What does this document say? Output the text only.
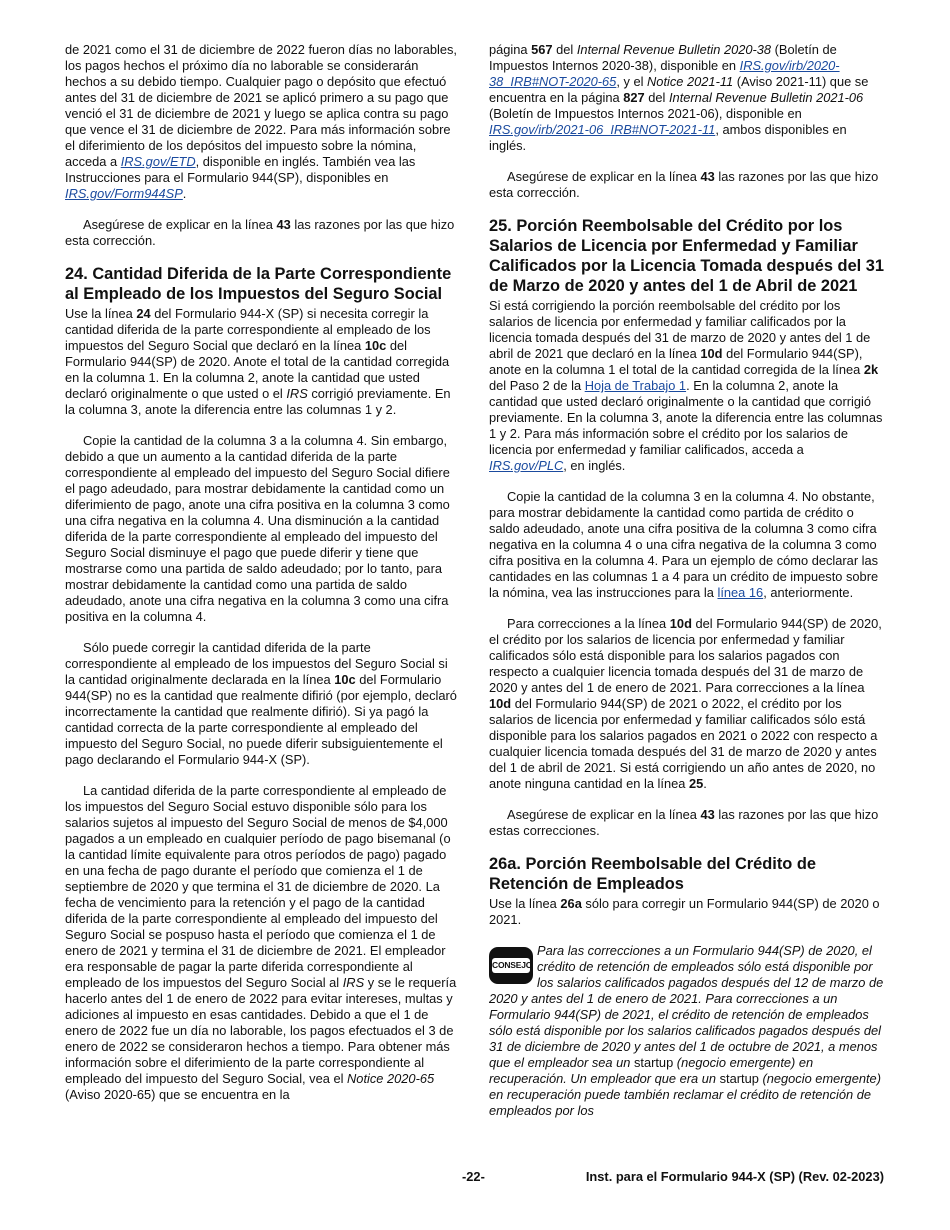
de 2021 como el 31 de diciembre de 2022 fueron días no laborables, los pagos hechos el próximo día no laborable se considerarán hechos a su debido tiempo. Cualquier pago o depósito que efectuó antes del 31 de diciembre de 2021 se aplicó primero a su pago que venció el 31 de diciembre de 2021 y luego se aplica contra su pago que vence el 31 de diciembre de 2022. Para más información sobre el diferimiento de los depósitos del impuesto sobre la nómina, acceda a IRS.gov/ETD, disponible en inglés. También vea las Instrucciones para el Formulario 944(SP), disponibles en IRS.gov/Form944SP.

Asegúrese de explicar en la línea 43 las razones por las que hizo esta corrección.

24. Cantidad Diferida de la Parte Correspondiente al Empleado de los Impuestos del Seguro Social

Use la línea 24 del Formulario 944-X (SP) si necesita corregir la cantidad diferida de la parte correspondiente al empleado de los impuestos del Seguro Social que declaró en la línea 10c del Formulario 944(SP) de 2020. Anote el total de la cantidad corregida en la columna 1. En la columna 2, anote la cantidad que usted declaró originalmente o que usted o el IRS corrigió previamente. En la columna 3, anote la diferencia entre las columnas 1 y 2.

Copie la cantidad de la columna 3 a la columna 4. Sin embargo, debido a que un aumento a la cantidad diferida de la parte correspondiente al empleado del impuesto del Seguro Social difiere el pago adeudado, para mostrar debidamente la cantidad como un diferimiento de pago, anote una cifra positiva en la columna 3 como una cifra negativa en la columna 4. Una disminución a la cantidad diferida de la parte correspondiente al empleado del impuesto del Seguro Social disminuye el pago que puede diferir y tiene que mostrarse como una partida de saldo adeudado; por lo tanto, para mostrar debidamente la cantidad como una partida de saldo adeudado, anote una cifra negativa en la columna 3 como una cifra positiva en la columna 4.

Sólo puede corregir la cantidad diferida de la parte correspondiente al empleado de los impuestos del Seguro Social si la cantidad originalmente declarada en la línea 10c del Formulario 944(SP) no es la cantidad que realmente difirió (por ejemplo, declaró incorrectamente la cantidad que realmente difirió). Si ya pagó la cantidad correcta de la parte correspondiente al empleado del impuesto del Seguro Social, no puede diferir subsiguientemente el pago declarando el Formulario 944-X (SP).

La cantidad diferida de la parte correspondiente al empleado de los impuestos del Seguro Social estuvo disponible sólo para los salarios sujetos al impuesto del Seguro Social de menos de $4,000 pagados a un empleado en cualquier período de pago bisemanal (o la cantidad límite equivalente para otros períodos de pago) pagado en una fecha de pago durante el período que comienza el 1 de septiembre de 2020 y que termina el 31 de diciembre de 2020. La fecha de vencimiento para la retención y el pago de la cantidad diferida de la parte correspondiente al empleado del impuesto del Seguro Social se pospuso hasta el período que comienza el 1 de enero de 2021 y termina el 31 de diciembre de 2021. El empleador era responsable de pagar la parte diferida correspondiente al empleado de los impuestos del Seguro Social al IRS y se le requería hacerlo antes del 1 de enero de 2022 para evitar intereses, multas y adiciones al impuesto en esas cantidades. Debido a que el 1 de enero de 2022 fue un día no laborable, los pagos efectuados el 3 de enero de 2022 se consideraron hechos a tiempo. Para obtener más información sobre el diferimiento de la parte correspondiente al empleado del impuesto del Seguro Social, vea el Notice 2020-65 (Aviso 2020-65) que se encuentra en la

página 567 del Internal Revenue Bulletin 2020-38 (Boletín de Impuestos Internos 2020-38), disponible en IRS.gov/irb/2020-38_IRB#NOT-2020-65, y el Notice 2021-11 (Aviso 2021-11) que se encuentra en la página 827 del Internal Revenue Bulletin 2021-06 (Boletín de Impuestos Internos 2021-06), disponible en IRS.gov/irb/2021-06_IRB#NOT-2021-11, ambos disponibles en inglés.

Asegúrese de explicar en la línea 43 las razones por las que hizo esta corrección.

25. Porción Reembolsable del Crédito por los Salarios de Licencia por Enfermedad y Familiar Calificados por la Licencia Tomada después del 31 de Marzo de 2020 y antes del 1 de Abril de 2021

Si está corrigiendo la porción reembolsable del crédito por los salarios de licencia por enfermedad y familiar calificados por la licencia tomada después del 31 de marzo de 2020 y antes del 1 de abril de 2021 que declaró en la línea 10d del Formulario 944(SP), anote en la columna 1 el total de la cantidad corregida de la línea 2k del Paso 2 de la Hoja de Trabajo 1. En la columna 2, anote la cantidad que usted declaró originalmente o la cantidad que corrigió previamente. En la columna 3, anote la diferencia entre las columnas 1 y 2. Para más información sobre el crédito por los salarios de licencia por enfermedad y familiar calificados, acceda a IRS.gov/PLC, en inglés.

Copie la cantidad de la columna 3 en la columna 4. No obstante, para mostrar debidamente la cantidad como partida de crédito o saldo adeudado, anote una cifra positiva de la columna 3 como cifra negativa en la columna 4 o una cifra negativa de la columna 3 como cifra positiva en la columna 4. Para un ejemplo de cómo declarar las cantidades en las columnas 1 a 4 para un crédito de impuesto sobre la nómina, vea las instrucciones para la línea 16, anteriormente.

Para correcciones a la línea 10d del Formulario 944(SP) de 2020, el crédito por los salarios de licencia por enfermedad y familiar calificados sólo está disponible para los salarios pagados con respecto a cualquier licencia tomada después del 31 de marzo de 2020 y antes del 1 de enero de 2021. Para correcciones a la línea 10d del Formulario 944(SP) de 2021 o 2022, el crédito por los salarios de licencia por enfermedad y familiar calificados sólo está disponible para los salarios pagados en 2021 o 2022 con respecto a cualquier licencia tomada después del 31 de marzo de 2020 y antes del 1 de abril de 2021. Si está corrigiendo un año antes de 2020, no anote ninguna cantidad en la línea 25.

Asegúrese de explicar en la línea 43 las razones por las que hizo estas correcciones.

26a. Porción Reembolsable del Crédito de Retención de Empleados

Use la línea 26a sólo para corregir un Formulario 944(SP) de 2020 o 2021.

CONSEJO
Para las correcciones a un Formulario 944(SP) de 2020, el crédito de retención de empleados sólo está disponible por los salarios calificados pagados después del 12 de marzo de 2020 y antes del 1 de enero de 2021. Para correcciones a un Formulario 944(SP) de 2021, el crédito de retención de empleados sólo está disponible por los salarios calificados pagados después del 31 de diciembre de 2020 y antes del 1 de octubre de 2021, a menos que el empleador sea un startup (negocio emergente) en recuperación. Un empleador que era un startup (negocio emergente) en recuperación puede también reclamar el crédito de retención de empleados por los

-22-	Inst. para el Formulario 944-X (SP) (Rev. 02-2023)
